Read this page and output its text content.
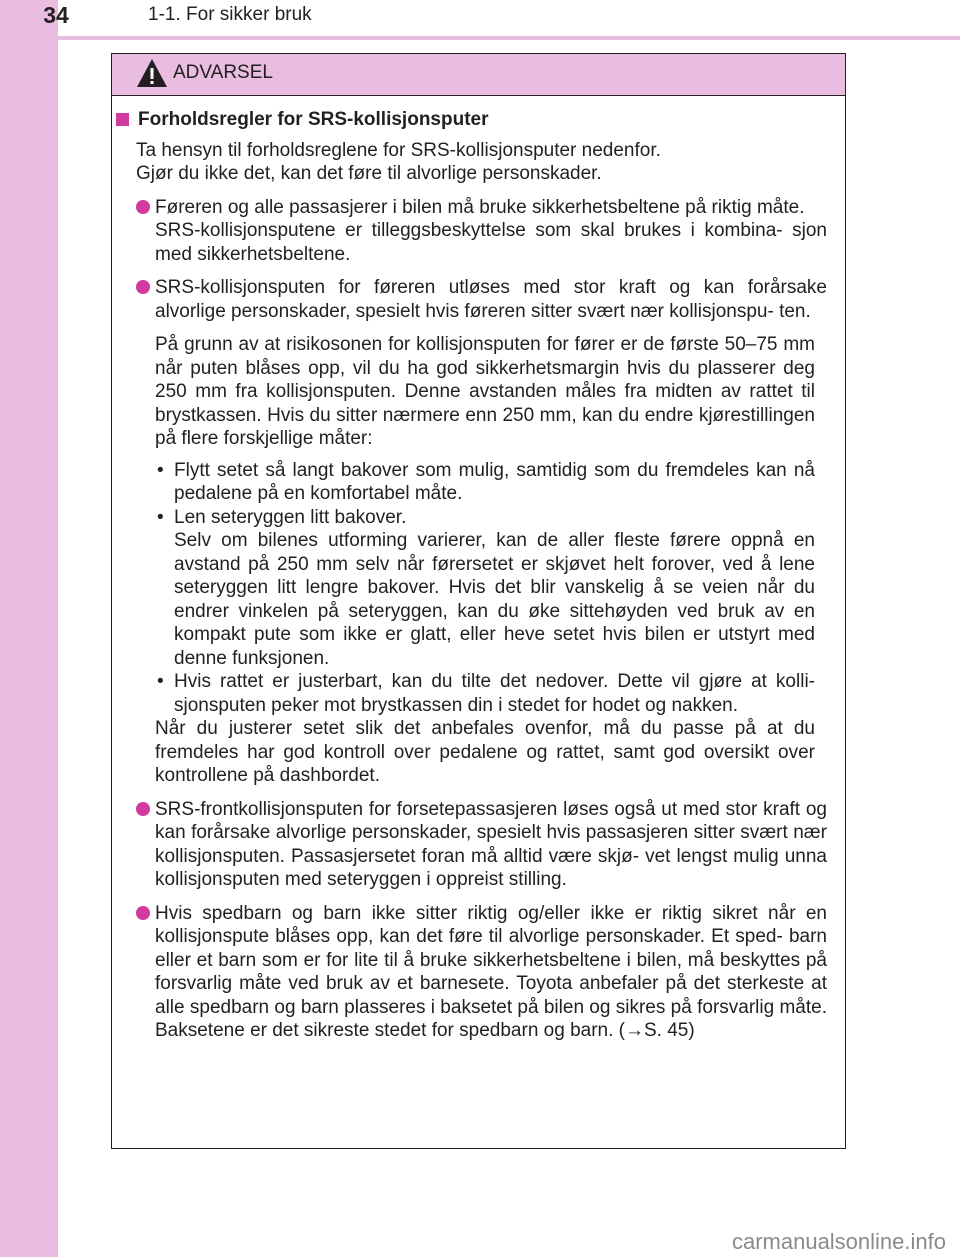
34	1-1. For sikker bruk
ADVARSEL

Forholdsregler for SRS-kollisjonsputer

Ta hensyn til forholdsreglene for SRS-kollisjonsputer nedenfor.

Gjør du ikke det, kan det føre til alvorlige personskader.

Føreren og alle passasjerer i bilen må bruke sikkerhetsbeltene på riktig måte.

SRS-kollisjonsputene er tilleggsbeskyttelse som skal brukes i kombina- sjon med sikkerhetsbeltene.

SRS-kollisjonsputen for føreren utløses med stor kraft og kan forårsake alvorlige personskader, spesielt hvis føreren sitter svært nær kollisjonspu- ten.

På grunn av at risikosonen for kollisjonsputen for fører er de første 50–75 mm når puten blåses opp, vil du ha god sikkerhetsmargin hvis du plasserer deg 250 mm fra kollisjonsputen. Denne avstanden måles fra midten av rattet til brystkassen. Hvis du sitter nærmere enn 250 mm, kan du endre kjørestillingen på flere forskjellige måter:

• Flytt setet så langt bakover som mulig, samtidig som du fremdeles kan nå pedalene på en komfortabel måte.

• Len seteryggen litt bakover.

Selv om bilenes utforming varierer, kan de aller fleste førere oppnå en avstand på 250 mm selv når førersetet er skjøvet helt forover, ved å lene seteryggen litt lengre bakover. Hvis det blir vanskelig å se veien når du endrer vinkelen på seteryggen, kan du øke sittehøyden ved bruk av en kompakt pute som ikke er glatt, eller heve setet hvis bilen er utstyrt med denne funksjonen.

• Hvis rattet er justerbart, kan du tilte det nedover. Dette vil gjøre at kolli- sjonsputen peker mot brystkassen din i stedet for hodet og nakken.

Når du justerer setet slik det anbefales ovenfor, må du passe på at du fremdeles har god kontroll over pedalene og rattet, samt god oversikt over kontrollene på dashbordet.

SRS-frontkollisjonsputen for forsetepassasjeren løses også ut med stor kraft og kan forårsake alvorlige personskader, spesielt hvis passasjeren sitter svært nær kollisjonsputen. Passasjersetet foran må alltid være skjø- vet lengst mulig unna kollisjonsputen med seteryggen i oppreist stilling.

Hvis spedbarn og barn ikke sitter riktig og/eller ikke er riktig sikret når en kollisjonspute blåses opp, kan det føre til alvorlige personskader. Et sped- barn eller et barn som er for lite til å bruke sikkerhetsbeltene i bilen, må beskyttes på forsvarlig måte ved bruk av et barnesete. Toyota anbefaler på det sterkeste at alle spedbarn og barn plasseres i baksetet på bilen og sikres på forsvarlig måte. Baksetene er det sikreste stedet for spedbarn og barn. (→S. 45)

carmanualsonline.info
